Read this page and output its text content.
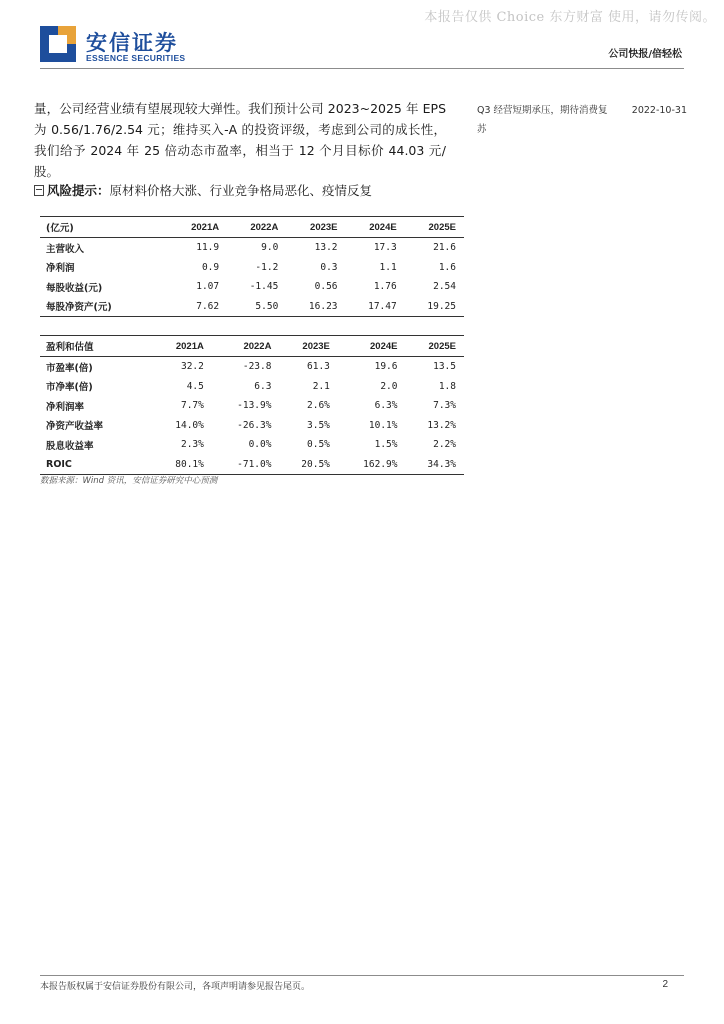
本报告仅供 Choice 东方财富 使用，请勿传阅。
安信证券
ESSENCE SECURITIES	公司快报/倍轻松
量，公司经营业绩有望展现较大弹性。我们预计公司 2023~2025 年 EPS 为 0.56/1.76/2.54 元；维持买入-A 的投资评级，考虑到公司的成长性，我们给予 2024 年 25 倍动态市盈率，相当于 12 个月目标价 44.03 元/股。
风险提示：原材料价格大涨、行业竞争格局恶化、疫情反复
Q3 经营短期承压，期待消费复苏
2022-10-31
(亿元)	2021A	2022A	2023E	2024E	2025E
主营收入	11.9	9.0	13.2	17.3	21.6
净利润	0.9	-1.2	0.3	1.1	1.6
每股收益(元)	1.07	-1.45	0.56	1.76	2.54
每股净资产(元)	7.62	5.50	16.23	17.47	19.25
盈利和估值	2021A	2022A	2023E	2024E	2025E
市盈率(倍)	32.2	-23.8	61.3	19.6	13.5
市净率(倍)	4.5	6.3	2.1	2.0	1.8
净利润率	7.7%	-13.9%	2.6%	6.3%	7.3%
净资产收益率	14.0%	-26.3%	3.5%	10.1%	13.2%
股息收益率	2.3%	0.0%	0.5%	1.5%	2.2%
ROIC	80.1%	-71.0%	20.5%	162.9%	34.3%
数据来源：Wind 资讯，安信证券研究中心预测
本报告版权属于安信证券股份有限公司，各项声明请参见报告尾页。	2
